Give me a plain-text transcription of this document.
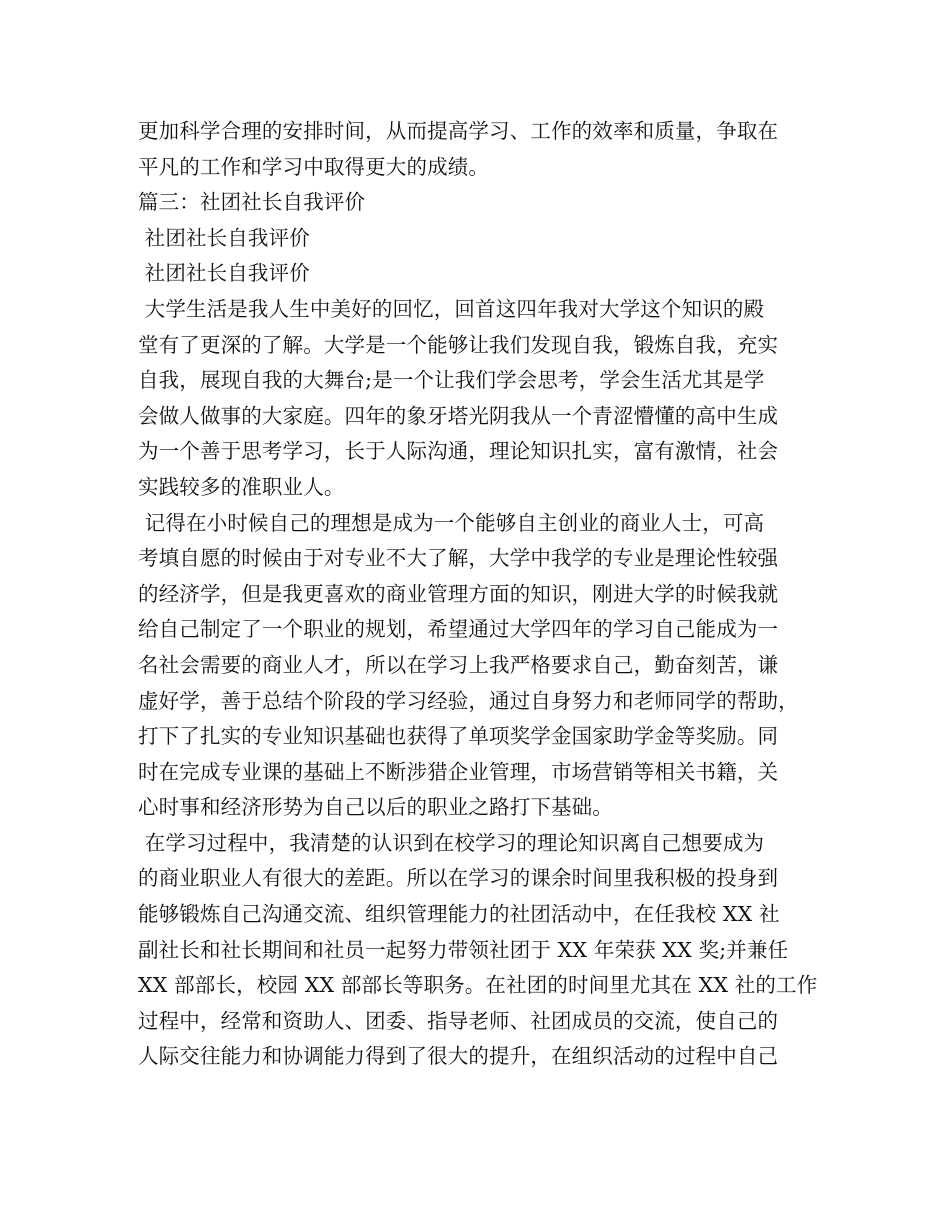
更加科学合理的安排时间，从而提高学习、工作的效率和质量，争取在
平凡的工作和学习中取得更大的成绩。
篇三：社团社长自我评价
社团社长自我评价
社团社长自我评价
大学生活是我人生中美好的回忆，回首这四年我对大学这个知识的殿
堂有了更深的了解。大学是一个能够让我们发现自我，锻炼自我，充实
自我，展现自我的大舞台;是一个让我们学会思考，学会生活尤其是学
会做人做事的大家庭。四年的象牙塔光阴我从一个青涩懵懂的高中生成
为一个善于思考学习，长于人际沟通，理论知识扎实，富有激情，社会
实践较多的准职业人。
记得在小时候自己的理想是成为一个能够自主创业的商业人士，可高
考填自愿的时候由于对专业不大了解，大学中我学的专业是理论性较强
的经济学，但是我更喜欢的商业管理方面的知识，刚进大学的时候我就
给自己制定了一个职业的规划，希望通过大学四年的学习自己能成为一
名社会需要的商业人才，所以在学习上我严格要求自己，勤奋刻苦，谦
虚好学，善于总结个阶段的学习经验，通过自身努力和老师同学的帮助，
打下了扎实的专业知识基础也获得了单项奖学金国家助学金等奖励。同
时在完成专业课的基础上不断涉猎企业管理，市场营销等相关书籍，关
心时事和经济形势为自己以后的职业之路打下基础。
在学习过程中，我清楚的认识到在校学习的理论知识离自己想要成为
的商业职业人有很大的差距。所以在学习的课余时间里我积极的投身到
能够锻炼自己沟通交流、组织管理能力的社团活动中，在任我校 XX 社
副社长和社长期间和社员一起努力带领社团于 XX 年荣获 XX 奖;并兼任
XX 部部长，校园 XX 部部长等职务。在社团的时间里尤其在 XX 社的工作
过程中，经常和资助人、团委、指导老师、社团成员的交流，使自己的
人际交往能力和协调能力得到了很大的提升，在组织活动的过程中自己
